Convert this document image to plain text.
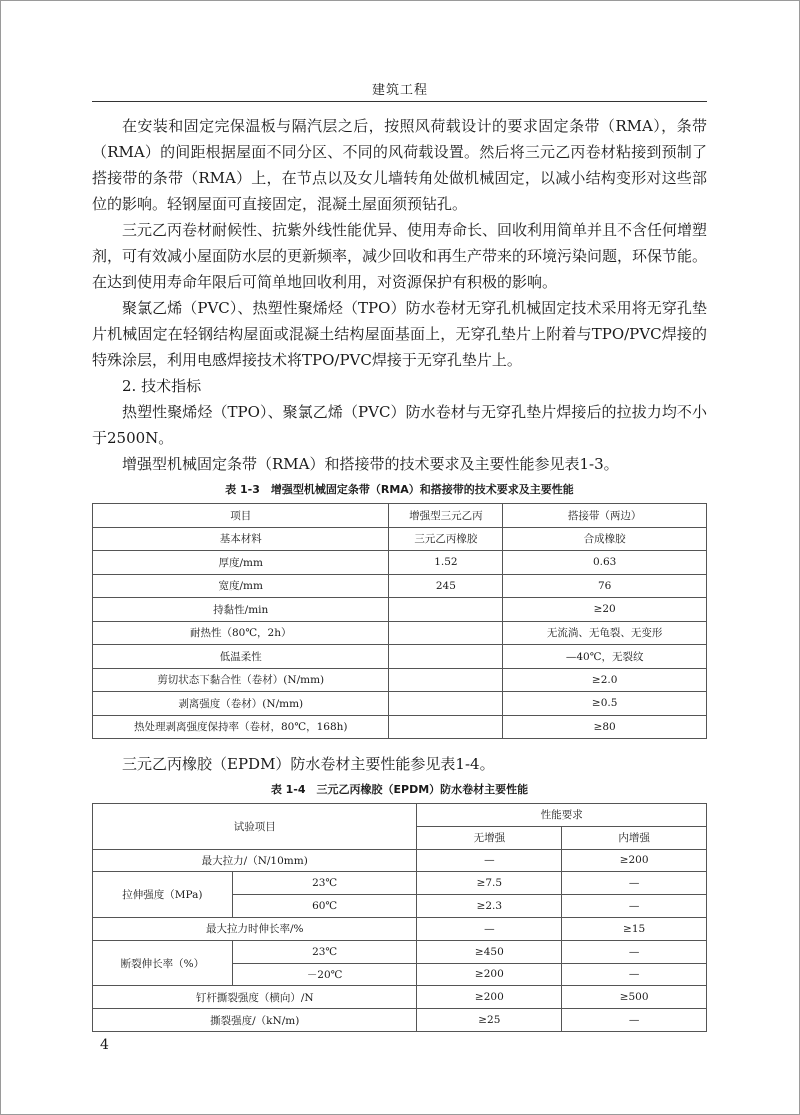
建筑工程

在安装和固定完保温板与隔汽层之后，按照风荷载设计的要求固定条带（RMA），条带（RMA）的间距根据屋面不同分区、不同的风荷载设置。然后将三元乙丙卷材粘接到预制了搭接带的条带（RMA）上，在节点以及女儿墙转角处做机械固定，以减小结构变形对这些部位的影响。轻钢屋面可直接固定，混凝土屋面须预钻孔。

三元乙丙卷材耐候性、抗紫外线性能优异、使用寿命长、回收利用简单并且不含任何增塑剂，可有效减小屋面防水层的更新频率，减少回收和再生产带来的环境污染问题，环保节能。在达到使用寿命年限后可简单地回收利用，对资源保护有积极的影响。

聚氯乙烯（PVC）、热塑性聚烯烃（TPO）防水卷材无穿孔机械固定技术采用将无穿孔垫片机械固定在轻钢结构屋面或混凝土结构屋面基面上，无穿孔垫片上附着与TPO/PVC焊接的特殊涂层，利用电感焊接技术将TPO/PVC焊接于无穿孔垫片上。

2. 技术指标

热塑性聚烯烃（TPO）、聚氯乙烯（PVC）防水卷材与无穿孔垫片焊接后的拉拔力均不小于2500N。

增强型机械固定条带（RMA）和搭接带的技术要求及主要性能参见表1-3。

表 1-3　增强型机械固定条带（RMA）和搭接带的技术要求及主要性能

项目	增强型三元乙丙	搭接带（两边）
基本材料	三元乙丙橡胶	合成橡胶
厚度/mm	1.52	0.63
宽度/mm	245	76
持黏性/min		≥20
耐热性（80℃，2h）		无流淌、无龟裂、无变形
低温柔性		—40℃，无裂纹
剪切状态下黏合性（卷材）(N/mm)		≥2.0
剥离强度（卷材）(N/mm)		≥0.5
热处理剥离强度保持率（卷材，80℃，168h)		≥80

三元乙丙橡胶（EPDM）防水卷材主要性能参见表1-4。

表 1-4　三元乙丙橡胶（EPDM）防水卷材主要性能

试验项目		性能要求	
		无增强	内增强
最大拉力/（N/10mm)		—	≥200
拉伸强度（MPa)	23℃	≥7.5	—
	60℃	≥2.3	—
最大拉力时伸长率/%		—	≥15
断裂伸长率（%）	23℃	≥450	—
	－20℃	≥200	—
钉杆撕裂强度（横向）/N		≥200	≥500
撕裂强度/（kN/m)		≥25	—
4
